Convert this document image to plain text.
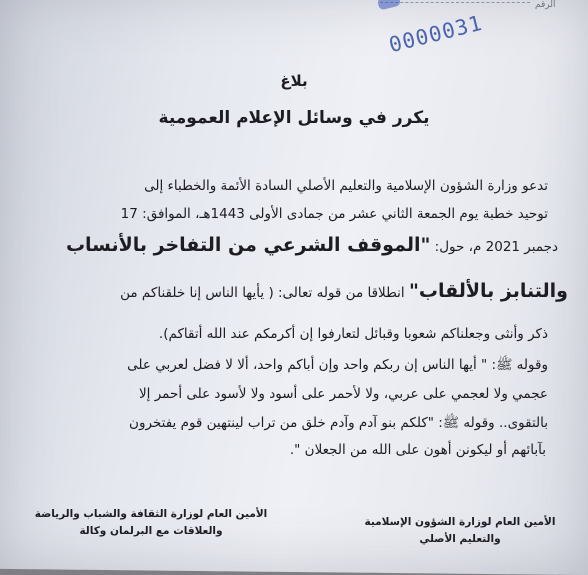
الرقم
0000031
بلاغ
يكرر في وسائل الإعلام العمومية
تدعو وزارة الشؤون الإسلامية والتعليم الأصلي السادة الأئمة والخطباء إلى
توحيد خطبة يوم الجمعة الثاني عشر من جمادى الأولى 1443هـ، الموافق: 17
دجمبر 2021 م، حول: "الموقف الشرعي من التفاخر بالأنساب
والتنابز بالألقاب" انطلاقا من قوله تعالى: ( يأيها الناس إنا خلقناكم من
ذكر وأنثى وجعلناكم شعوبا وقبائل لتعارفوا إن أكرمكم عند الله أتقاكم).
وقوله ﷺ: " أيها الناس إن ربكم واحد وإن أباكم واحد، ألا لا فضل لعربي على
عجمي ولا لعجمي على عربي، ولا لأحمر على أسود ولا لأسود على أحمر إلا
بالتقوى.. وقوله ﷺ: "كلكم بنو آدم وآدم خلق من تراب لينتهين قوم يفتخرون
بآبائهم أو ليكونن أهون على الله من الجعلان ".
الأمين العام لوزارة الشؤون الإسلامية
والتعليم الأصلي
الأمين العام لوزارة الثقافة والشباب والرياضة
والعلاقات مع البرلمان وكالة
